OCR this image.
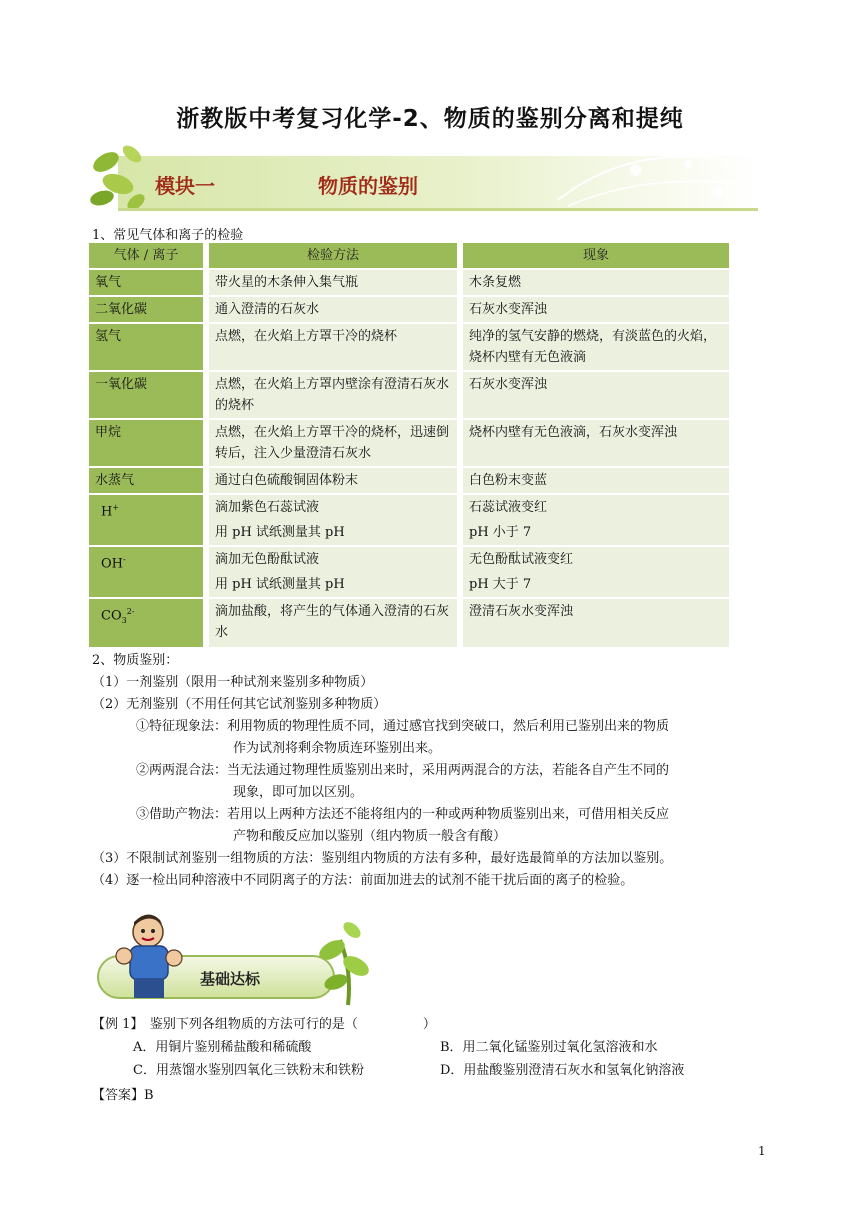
浙教版中考复习化学-2、物质的鉴别分离和提纯
模块一	物质的鉴别
1、常见气体和离子的检验
气体 / 离子	检验方法	现象
氧气	带火星的木条伸入集气瓶	木条复燃
二氧化碳	通入澄清的石灰水	石灰水变浑浊
氢气	点燃，在火焰上方罩干冷的烧杯	纯净的氢气安静的燃烧，有淡蓝色的火焰，烧杯内壁有无色液滴
一氧化碳	点燃，在火焰上方罩内壁涂有澄清石灰水的烧杯	石灰水变浑浊
甲烷	点燃，在火焰上方罩干冷的烧杯，迅速倒转后，注入少量澄清石灰水	烧杯内壁有无色液滴，石灰水变浑浊
水蒸气	通过白色硫酸铜固体粉末	白色粉末变蓝
H+	滴加紫色石蕊试液	石蕊试液变红
	用 pH 试纸测量其 pH	pH 小于 7
OH-	滴加无色酚酞试液	无色酚酞试液变红
	用 pH 试纸测量其 pH	pH 大于 7
$CO_3^{2-}$	滴加盐酸，将产生的气体通入澄清的石灰水	澄清石灰水变浑浊
2、物质鉴别：
（1）一剂鉴别（限用一种试剂来鉴别多种物质）
（2）无剂鉴别（不用任何其它试剂鉴别多种物质）
①特征现象法：利用物质的物理性质不同，通过感官找到突破口，然后利用已鉴别出来的物质
作为试剂将剩余物质连环鉴别出来。
②两两混合法：当无法通过物理性质鉴别出来时，采用两两混合的方法，若能各自产生不同的
现象，即可加以区别。
③借助产物法：若用以上两种方法还不能将组内的一种或两种物质鉴别出来，可借用相关反应
产物和酸反应加以鉴别（组内物质一般含有酸）
（3）不限制试剂鉴别一组物质的方法：鉴别组内物质的方法有多种，最好选最简单的方法加以鉴别。
（4）逐一检出同种溶液中不同阴离子的方法：前面加进去的试剂不能干扰后面的离子的检验。
基础达标
【例 1】　 鉴别下列各组物质的方法可行的是（　　　　　）
A．用铜片鉴别稀盐酸和稀硫酸	B．用二氧化锰鉴别过氧化氢溶液和水
C．用蒸馏水鉴别四氧化三铁粉末和铁粉	D．用盐酸鉴别澄清石灰水和氢氧化钠溶液
【答案】B
1
